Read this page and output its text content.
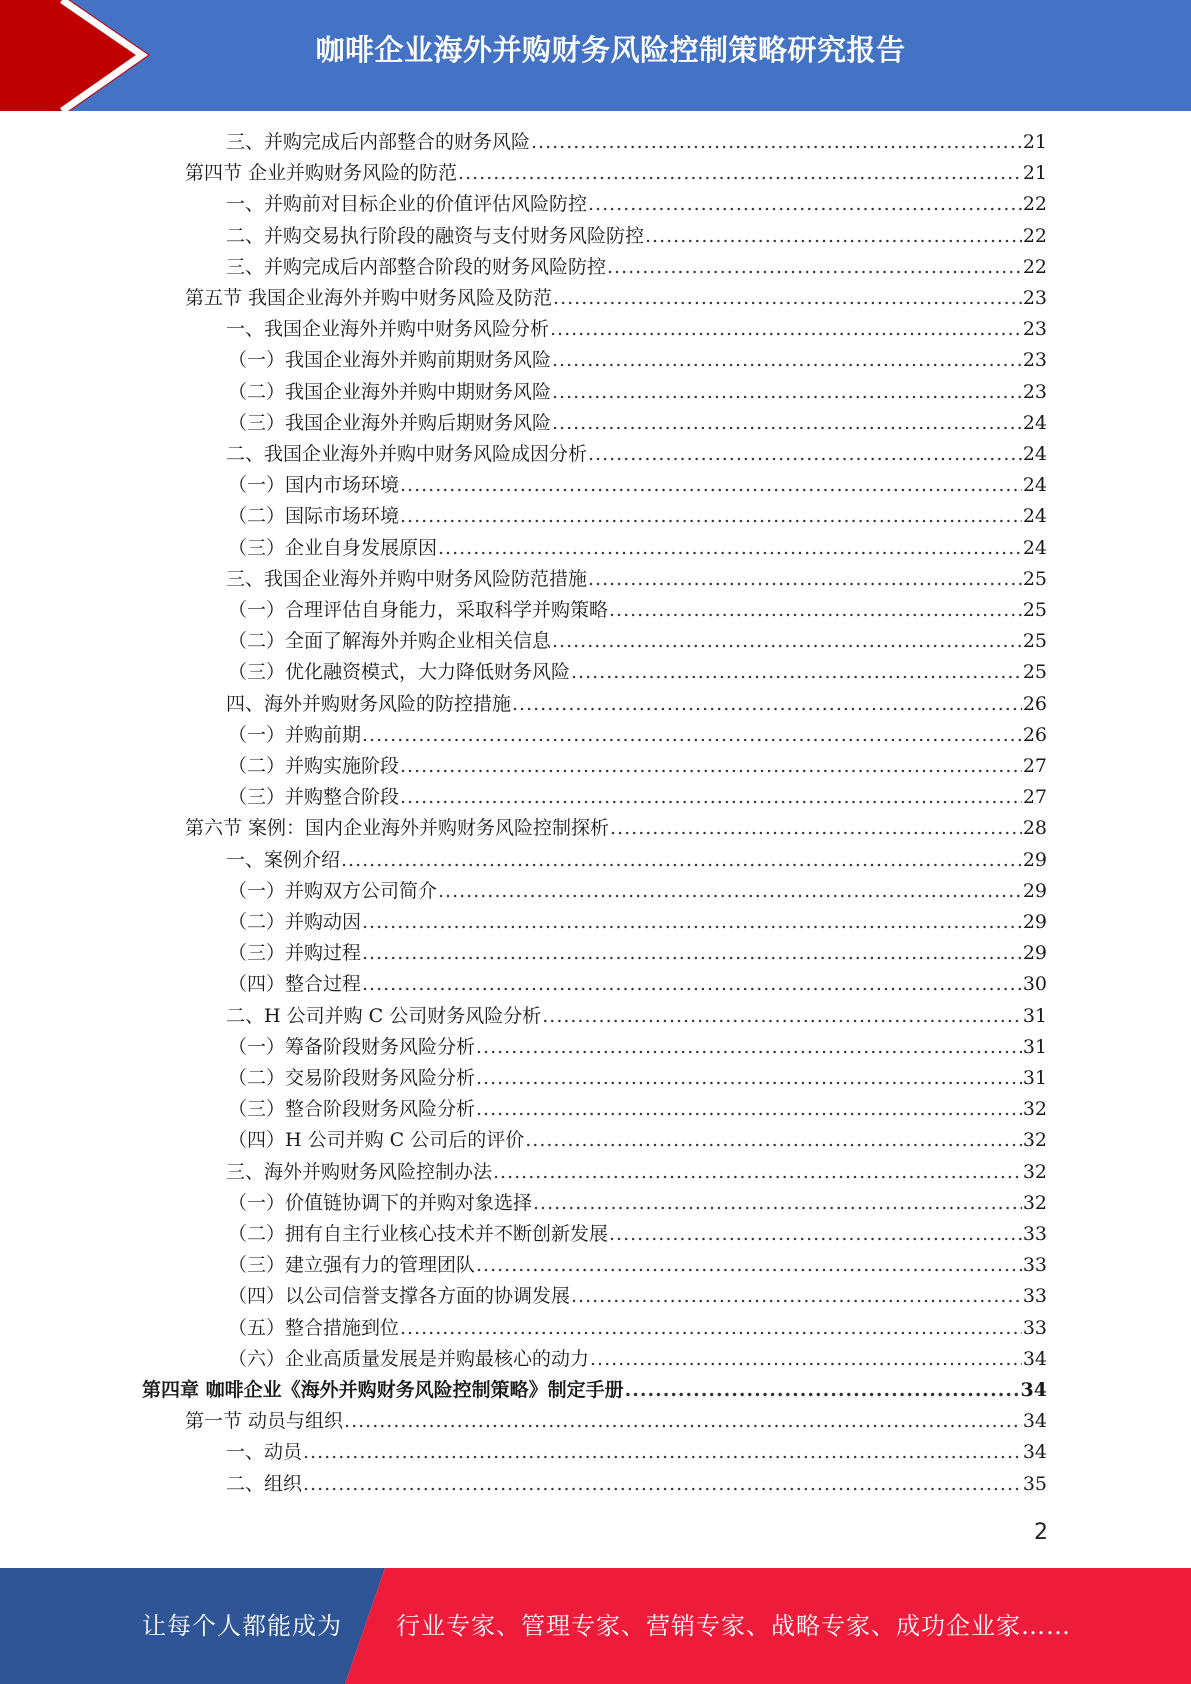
咖啡企业海外并购财务风险控制策略研究报告
三、并购完成后内部整合的财务风险 .....	21
第四节 企业并购财务风险的防范 .....	21
一、并购前对目标企业的价值评估风险防控 .....	22
二、并购交易执行阶段的融资与支付财务风险防控 .....	22
三、并购完成后内部整合阶段的财务风险防控 .....	22
第五节 我国企业海外并购中财务风险及防范 .....	23
一、我国企业海外并购中财务风险分析 .....	23
（一）我国企业海外并购前期财务风险 .....	23
（二）我国企业海外并购中期财务风险 .....	23
（三）我国企业海外并购后期财务风险 .....	24
二、我国企业海外并购中财务风险成因分析 .....	24
（一）国内市场环境 .....	24
（二）国际市场环境 .....	24
（三）企业自身发展原因 .....	24
三、我国企业海外并购中财务风险防范措施 .....	25
（一）合理评估自身能力，采取科学并购策略 .....	25
（二）全面了解海外并购企业相关信息 .....	25
（三）优化融资模式，大力降低财务风险 .....	25
四、海外并购财务风险的防控措施 .....	26
（一）并购前期 .....	26
（二）并购实施阶段 .....	27
（三）并购整合阶段 .....	27
第六节 案例：国内企业海外并购财务风险控制探析 .....	28
一、案例介绍 .....	29
（一）并购双方公司简介 .....	29
（二）并购动因 .....	29
（三）并购过程 .....	29
（四）整合过程 .....	30
二、H 公司并购 C 公司财务风险分析 .....	31
（一）筹备阶段财务风险分析 .....	31
（二）交易阶段财务风险分析 .....	31
（三）整合阶段财务风险分析 .....	32
（四）H 公司并购 C 公司后的评价 .....	32
三、海外并购财务风险控制办法 .....	32
（一）价值链协调下的并购对象选择 .....	32
（二）拥有自主行业核心技术并不断创新发展 .....	33
（三）建立强有力的管理团队 .....	33
（四）以公司信誉支撑各方面的协调发展 .....	33
（五）整合措施到位 .....	33
（六）企业高质量发展是并购最核心的动力 .....	34
第四章 咖啡企业《海外并购财务风险控制策略》制定手册 .....	34
第一节 动员与组织 .....	34
一、动员 .....	34
二、组织 .....	35
2
让每个人都能成为 行业专家、管理专家、营销专家、战略专家、成功企业家……
